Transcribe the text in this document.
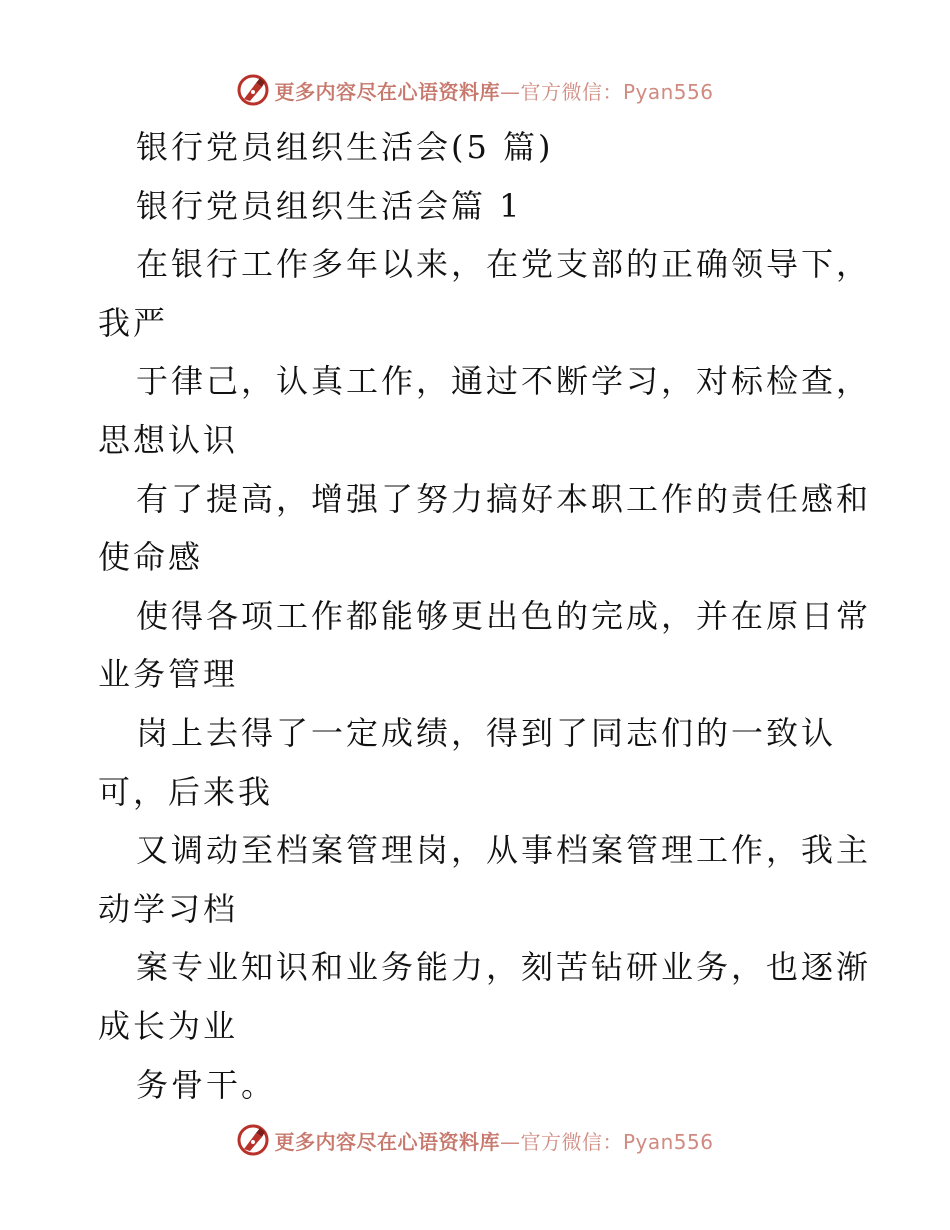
更多内容尽在心语资料库—官方微信：Pyan556
银行党员组织生活会(5 篇)
银行党员组织生活会篇 1
在银行工作多年以来，在党支部的正确领导下，
我严
于律己，认真工作，通过不断学习，对标检查，
思想认识
有了提高，增强了努力搞好本职工作的责任感和
使命感
使得各项工作都能够更出色的完成，并在原日常
业务管理
岗上去得了一定成绩，得到了同志们的一致认
可，后来我
又调动至档案管理岗，从事档案管理工作，我主
动学习档
案专业知识和业务能力，刻苦钻研业务，也逐渐
成长为业
务骨干。
更多内容尽在心语资料库—官方微信：Pyan556
